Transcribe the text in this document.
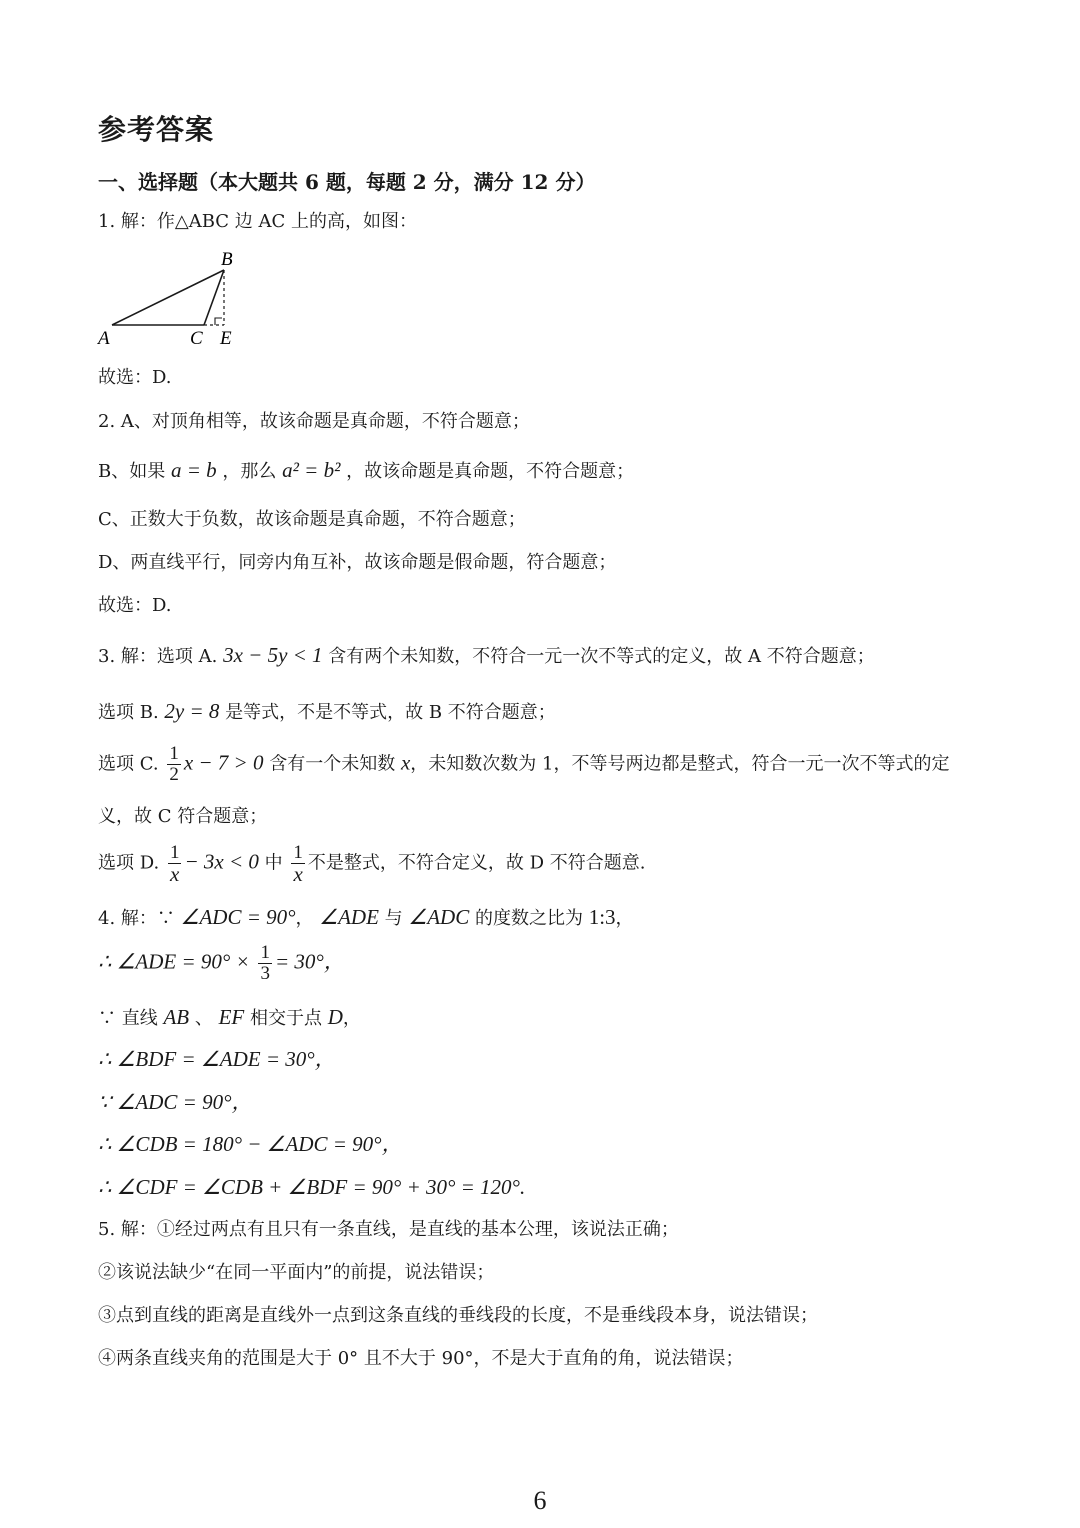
参考答案
一、选择题（本大题共 6 题，每题 2 分，满分 12 分）
1. 解：作△ABC 边 AC 上的高，如图：
A
B
C E
故选：D.
2. A、对顶角相等，故该命题是真命题，不符合题意；
B、如果 a = b ，那么 a² = b² ，故该命题是真命题，不符合题意；
C、正数大于负数，故该命题是真命题，不符合题意；
D、两直线平行，同旁内角互补，故该命题是假命题，符合题意；
故选：D.
3. 解：选项 A. 3x − 5y < 1 含有两个未知数，不符合一元一次不等式的定义，故 A 不符合题意；
选项 B. 2y = 8 是等式，不是不等式，故 B 不符合题意；
选项 C. $\frac{1}{2}$ x − 7 > 0 含有一个未知数 x，未知数次数为 1，不等号两边都是整式，符合一元一次不等式的定
义，故 C 符合题意；
选项 D. $\frac{1}{x} - 3x < 0$ 中 $\frac{1}{x}$ 不是整式，不符合定义，故 D 不符合题意.
4. 解：∵ ∠ADC = 90°， ∠ADE 与 ∠ADC 的度数之比为 1:3，
∴ ∠ADE = $90^\circ \times \frac{1}{3} = 30^\circ$，
∵ 直线 AB 、 EF 相交于点 D，
∴ ∠BDF = ∠ADE = 30°，
∵ ∠ADC = 90°，
∴ ∠CDB = 180° − ∠ADC = 90°，
∴ ∠CDF = ∠CDB + ∠BDF = 90° + 30° = 120°.
5. 解：①经过两点有且只有一条直线，是直线的基本公理，该说法正确；
②该说法缺少“在同一平面内”的前提，说法错误；
③点到直线的距离是直线外一点到这条直线的垂线段的长度，不是垂线段本身，说法错误；
④两条直线夹角的范围是大于 0° 且不大于 90°，不是大于直角的角，说法错误；
6
